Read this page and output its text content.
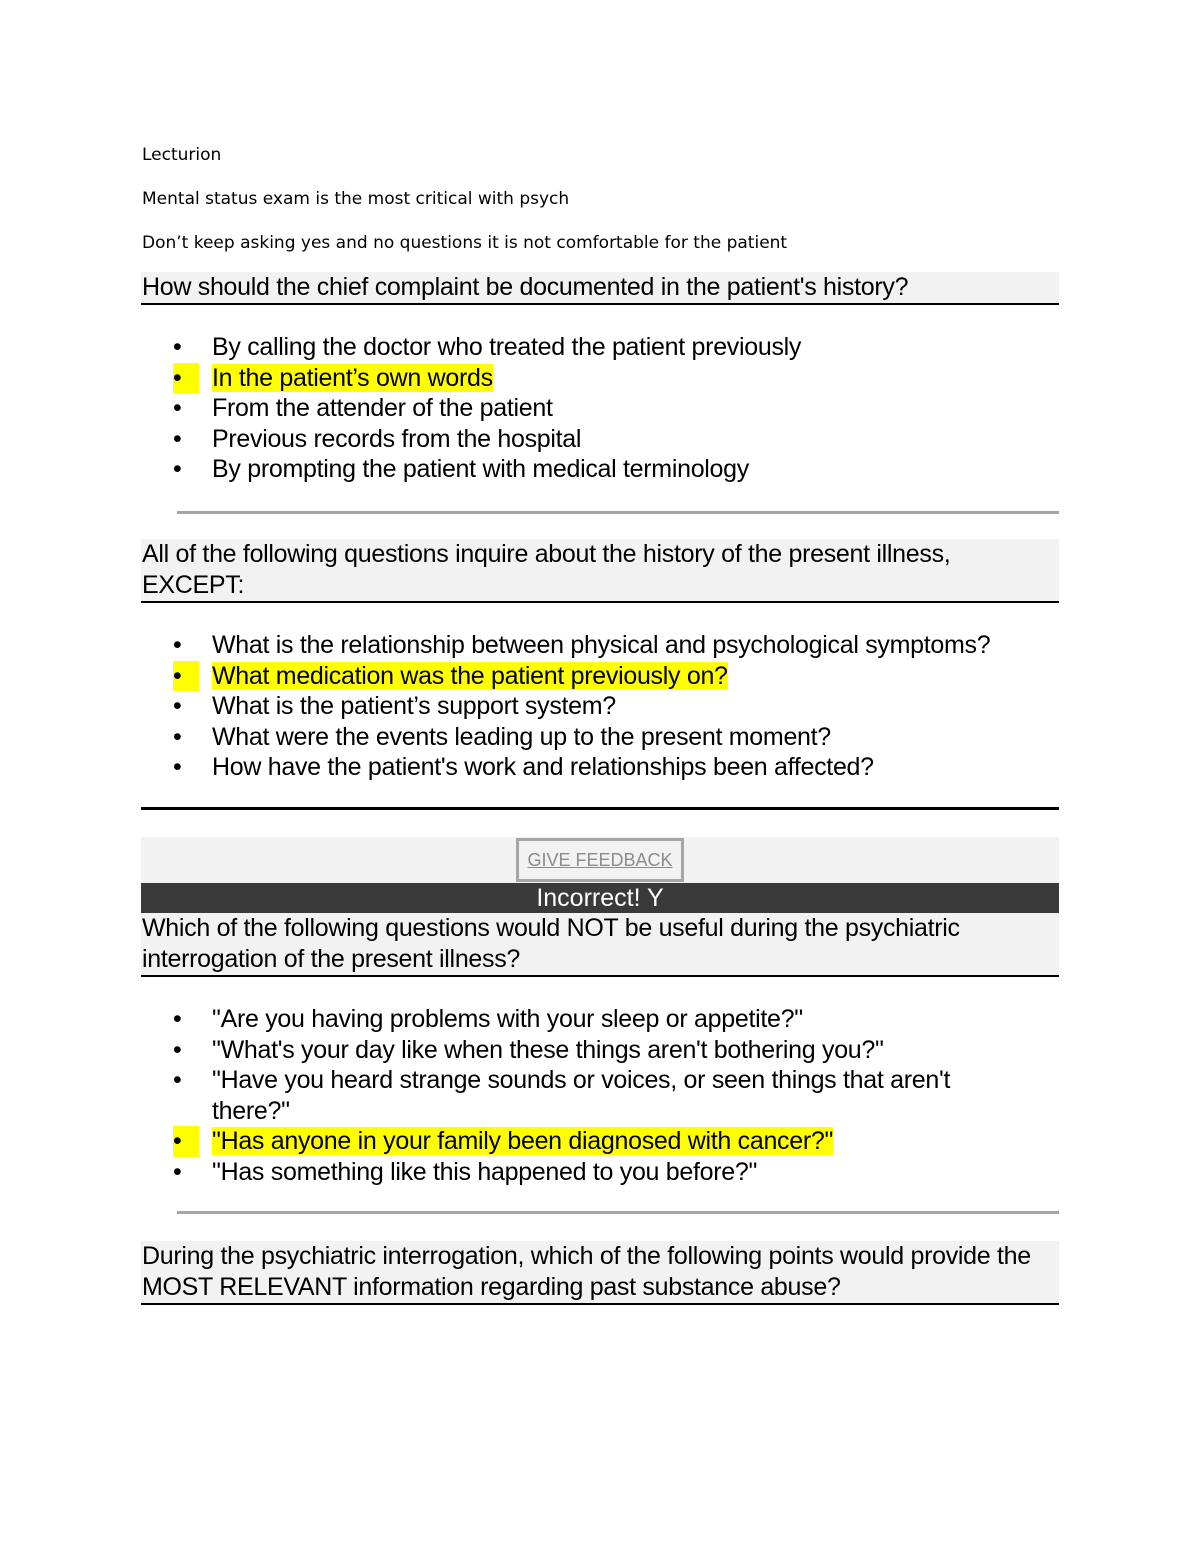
Lecturion
Mental status exam is the most critical with psych
Don’t keep asking yes and no questions it is not comfortable for the patient
How should the chief complaint be documented in the patient's history?
• By calling the doctor who treated the patient previously
•	In the patient’s own words
• From the attender of the patient
• Previous records from the hospital
• By prompting the patient with medical terminology
All of the following questions inquire about the history of the present illness, EXCEPT:
• What is the relationship between physical and psychological symptoms?
•	What medication was the patient previously on?
• What is the patient’s support system?
• What were the events leading up to the present moment?
• How have the patient's work and relationships been affected?
GIVE FEEDBACK
Incorrect! Y
Which of the following questions would NOT be useful during the psychiatric interrogation of the present illness?
• "Are you having problems with your sleep or appetite?"
• "What's your day like when these things aren't bothering you?"
• "Have you heard strange sounds or voices, or seen things that aren't there?"
•	"Has anyone in your family been diagnosed with cancer?"
• "Has something like this happened to you before?"
During the psychiatric interrogation, which of the following points would provide the MOST RELEVANT information regarding past substance abuse?
